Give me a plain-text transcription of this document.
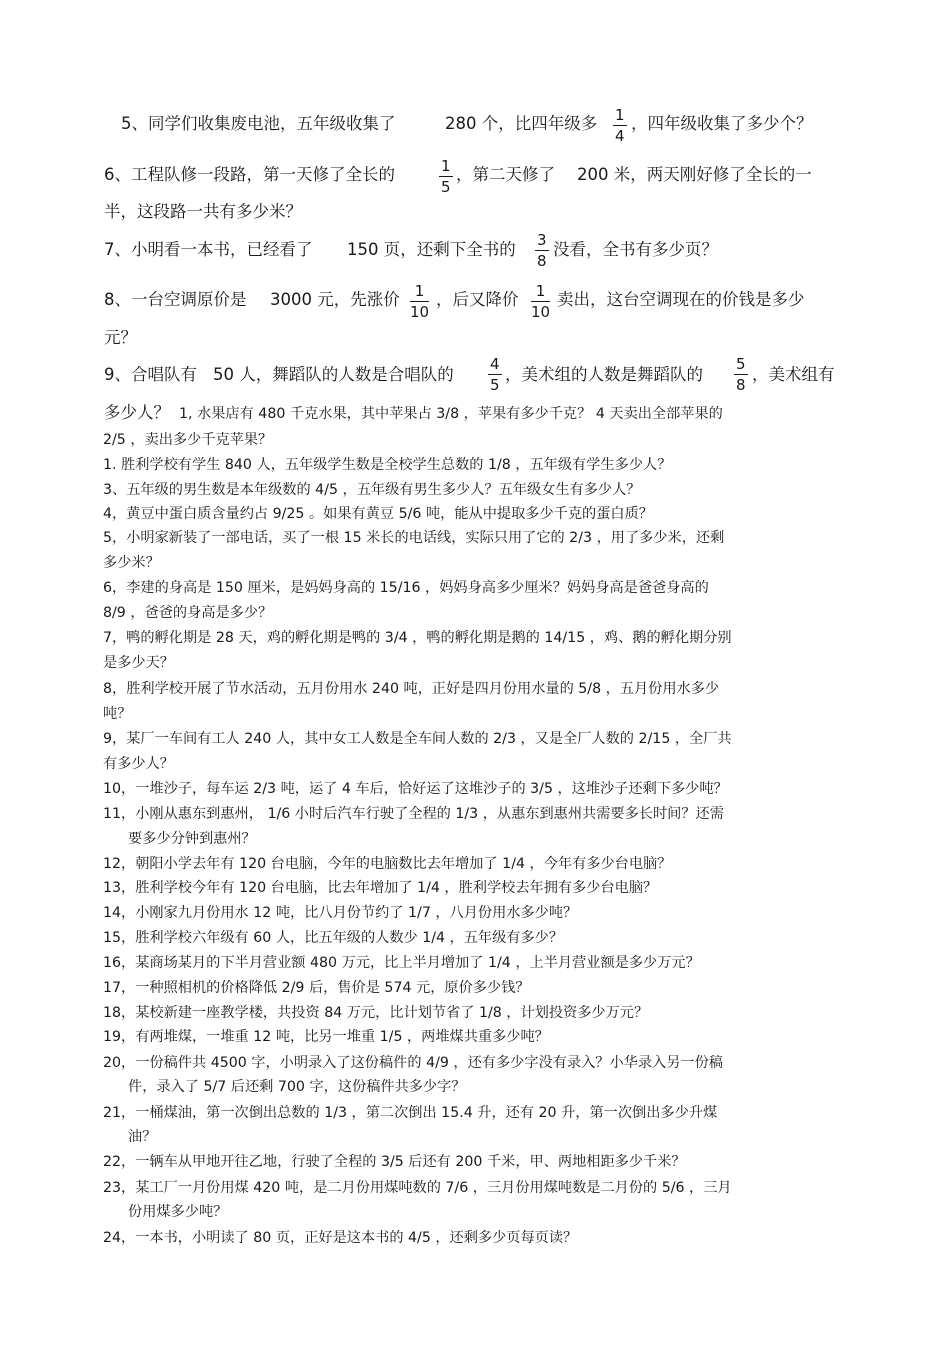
5、同学们收集废电池，五年级收集了	280 个，比四年级多 $\frac{1}{4}$ ，四年级收集了多少个？
6、工程队修一段路，第一天修了全长的	$\frac{1}{5}$ ，第二天修了 200 米，两天刚好修了全长的一
半，这段路一共有多少米？
7、小明看一本书，已经看了 150 页，还剩下全书的 $\frac{3}{8}$ 没看，全书有多少页？
8、一台空调原价是 3000 元，先涨价 $\frac{1}{10}$ ，后又降价 $\frac{1}{10}$ 卖出，这台空调现在的价钱是多少
元？
9、合唱队有 50 人，舞蹈队的人数是合唱队的 $\frac{4}{5}$ ，美术组的人数是舞蹈队的 $\frac{5}{8}$ ，美术组有
多少人？ 1, 水果店有 480 千克水果，其中苹果占 3/8 ，苹果有多少千克？ 4 天卖出全部苹果的
2/5 ，卖出多少千克苹果？
1. 胜利学校有学生 840 人，五年级学生数是全校学生总数的 1/8 ，五年级有学生多少人？
3、五年级的男生数是本年级数的 4/5 ，五年级有男生多少人？五年级女生有多少人？
4，黄豆中蛋白质含量约占 9/25 。如果有黄豆 5/6 吨，能从中提取多少千克的蛋白质？
5，小明家新装了一部电话，买了一根 15 米长的电话线，实际只用了它的 2/3 ，用了多少米，还剩
多少米？
6，李建的身高是 150 厘米，是妈妈身高的 15/16 ，妈妈身高多少厘米？妈妈身高是爸爸身高的
8/9 ，爸爸的身高是多少？
7，鸭的孵化期是 28 天，鸡的孵化期是鸭的 3/4 ，鸭的孵化期是鹅的 14/15 ，鸡、鹅的孵化期分别
是多少天？
8，胜利学校开展了节水活动，五月份用水 240 吨，正好是四月份用水量的 5/8 ，五月份用水多少
吨？
9，某厂一车间有工人 240 人，其中女工人数是全车间人数的 2/3 ，又是全厂人数的 2/15 ，全厂共
有多少人？
10，一堆沙子，每车运 2/3 吨，运了 4 车后，恰好运了这堆沙子的 3/5 ，这堆沙子还剩下多少吨？
11，小刚从惠东到惠州， 1/6 小时后汽车行驶了全程的 1/3 ，从惠东到惠州共需要多长时间？还需
要多少分钟到惠州？
12，朝阳小学去年有 120 台电脑，今年的电脑数比去年增加了 1/4 ，今年有多少台电脑？
13，胜利学校今年有 120 台电脑，比去年增加了 1/4 ，胜利学校去年拥有多少台电脑？
14，小刚家九月份用水 12 吨，比八月份节约了 1/7 ，八月份用水多少吨？
15，胜利学校六年级有 60 人，比五年级的人数少 1/4 ，五年级有多少？
16，某商场某月的下半月营业额 480 万元，比上半月增加了 1/4 ，上半月营业额是多少万元？
17，一种照相机的价格降低 2/9 后，售价是 574 元，原价多少钱？
18，某校新建一座教学楼，共投资 84 万元，比计划节省了 1/8 ，计划投资多少万元？
19，有两堆煤，一堆重 12 吨，比另一堆重 1/5 ，两堆煤共重多少吨？
20，一份稿件共 4500 字，小明录入了这份稿件的 4/9 ，还有多少字没有录入？小华录入另一份稿
件，录入了 5/7 后还剩 700 字，这份稿件共多少字？
21，一桶煤油，第一次倒出总数的 1/3 ，第二次倒出 15.4 升，还有 20 升，第一次倒出多少升煤
油？
22，一辆车从甲地开往乙地，行驶了全程的 3/5 后还有 200 千米，甲、两地相距多少千米？
23，某工厂一月份用煤 420 吨，是二月份用煤吨数的 7/6 ，三月份用煤吨数是二月份的 5/6 ，三月
份用煤多少吨？
24，一本书，小明读了 80 页，正好是这本书的 4/5 ，还剩多少页每页读？
